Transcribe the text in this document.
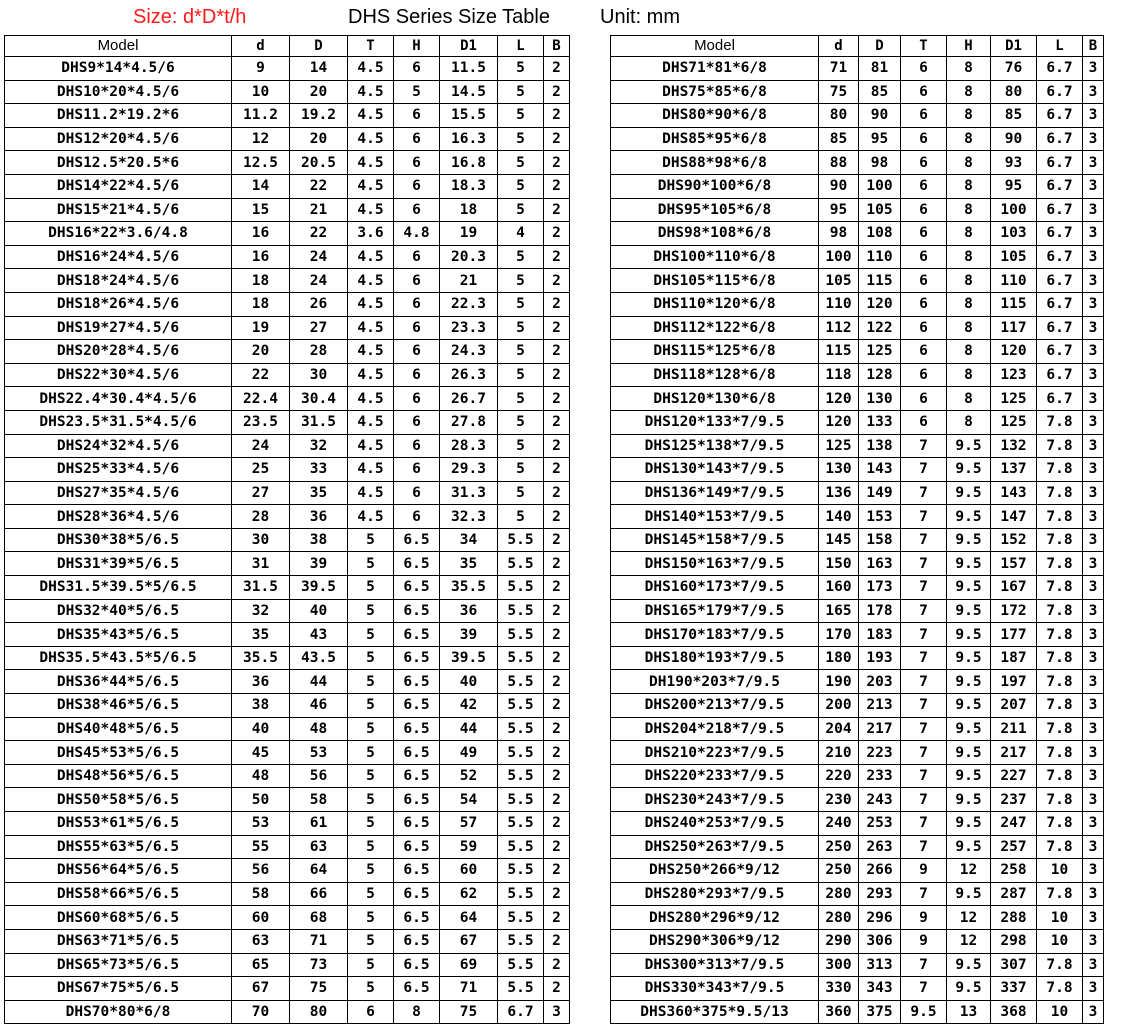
Size: d*D*t/h	DHS Series Size Table	Unit: mm
Model	d	D	T	H	D1	L	B
DHS9*14*4.5/6	9	14	4.5	6	11.5	5	2
DHS10*20*4.5/6	10	20	4.5	5	14.5	5	2
DHS11.2*19.2*6	11.2	19.2	4.5	6	15.5	5	2
DHS12*20*4.5/6	12	20	4.5	6	16.3	5	2
DHS12.5*20.5*6	12.5	20.5	4.5	6	16.8	5	2
DHS14*22*4.5/6	14	22	4.5	6	18.3	5	2
DHS15*21*4.5/6	15	21	4.5	6	18	5	2
DHS16*22*3.6/4.8	16	22	3.6	4.8	19	4	2
DHS16*24*4.5/6	16	24	4.5	6	20.3	5	2
DHS18*24*4.5/6	18	24	4.5	6	21	5	2
DHS18*26*4.5/6	18	26	4.5	6	22.3	5	2
DHS19*27*4.5/6	19	27	4.5	6	23.3	5	2
DHS20*28*4.5/6	20	28	4.5	6	24.3	5	2
DHS22*30*4.5/6	22	30	4.5	6	26.3	5	2
DHS22.4*30.4*4.5/6	22.4	30.4	4.5	6	26.7	5	2
DHS23.5*31.5*4.5/6	23.5	31.5	4.5	6	27.8	5	2
DHS24*32*4.5/6	24	32	4.5	6	28.3	5	2
DHS25*33*4.5/6	25	33	4.5	6	29.3	5	2
DHS27*35*4.5/6	27	35	4.5	6	31.3	5	2
DHS28*36*4.5/6	28	36	4.5	6	32.3	5	2
DHS30*38*5/6.5	30	38	5	6.5	34	5.5	2
DHS31*39*5/6.5	31	39	5	6.5	35	5.5	2
DHS31.5*39.5*5/6.5	31.5	39.5	5	6.5	35.5	5.5	2
DHS32*40*5/6.5	32	40	5	6.5	36	5.5	2
DHS35*43*5/6.5	35	43	5	6.5	39	5.5	2
DHS35.5*43.5*5/6.5	35.5	43.5	5	6.5	39.5	5.5	2
DHS36*44*5/6.5	36	44	5	6.5	40	5.5	2
DHS38*46*5/6.5	38	46	5	6.5	42	5.5	2
DHS40*48*5/6.5	40	48	5	6.5	44	5.5	2
DHS45*53*5/6.5	45	53	5	6.5	49	5.5	2
DHS48*56*5/6.5	48	56	5	6.5	52	5.5	2
DHS50*58*5/6.5	50	58	5	6.5	54	5.5	2
DHS53*61*5/6.5	53	61	5	6.5	57	5.5	2
DHS55*63*5/6.5	55	63	5	6.5	59	5.5	2
DHS56*64*5/6.5	56	64	5	6.5	60	5.5	2
DHS58*66*5/6.5	58	66	5	6.5	62	5.5	2
DHS60*68*5/6.5	60	68	5	6.5	64	5.5	2
DHS63*71*5/6.5	63	71	5	6.5	67	5.5	2
DHS65*73*5/6.5	65	73	5	6.5	69	5.5	2
DHS67*75*5/6.5	67	75	5	6.5	71	5.5	2
DHS70*80*6/8	70	80	6	8	75	6.7	3
Model	d	D	T	H	D1	L	B
DHS71*81*6/8	71	81	6	8	76	6.7	3
DHS75*85*6/8	75	85	6	8	80	6.7	3
DHS80*90*6/8	80	90	6	8	85	6.7	3
DHS85*95*6/8	85	95	6	8	90	6.7	3
DHS88*98*6/8	88	98	6	8	93	6.7	3
DHS90*100*6/8	90	100	6	8	95	6.7	3
DHS95*105*6/8	95	105	6	8	100	6.7	3
DHS98*108*6/8	98	108	6	8	103	6.7	3
DHS100*110*6/8	100	110	6	8	105	6.7	3
DHS105*115*6/8	105	115	6	8	110	6.7	3
DHS110*120*6/8	110	120	6	8	115	6.7	3
DHS112*122*6/8	112	122	6	8	117	6.7	3
DHS115*125*6/8	115	125	6	8	120	6.7	3
DHS118*128*6/8	118	128	6	8	123	6.7	3
DHS120*130*6/8	120	130	6	8	125	6.7	3
DHS120*133*7/9.5	120	133	6	8	125	7.8	3
DHS125*138*7/9.5	125	138	7	9.5	132	7.8	3
DHS130*143*7/9.5	130	143	7	9.5	137	7.8	3
DHS136*149*7/9.5	136	149	7	9.5	143	7.8	3
DHS140*153*7/9.5	140	153	7	9.5	147	7.8	3
DHS145*158*7/9.5	145	158	7	9.5	152	7.8	3
DHS150*163*7/9.5	150	163	7	9.5	157	7.8	3
DHS160*173*7/9.5	160	173	7	9.5	167	7.8	3
DHS165*179*7/9.5	165	178	7	9.5	172	7.8	3
DHS170*183*7/9.5	170	183	7	9.5	177	7.8	3
DHS180*193*7/9.5	180	193	7	9.5	187	7.8	3
DH190*203*7/9.5	190	203	7	9.5	197	7.8	3
DHS200*213*7/9.5	200	213	7	9.5	207	7.8	3
DHS204*218*7/9.5	204	217	7	9.5	211	7.8	3
DHS210*223*7/9.5	210	223	7	9.5	217	7.8	3
DHS220*233*7/9.5	220	233	7	9.5	227	7.8	3
DHS230*243*7/9.5	230	243	7	9.5	237	7.8	3
DHS240*253*7/9.5	240	253	7	9.5	247	7.8	3
DHS250*263*7/9.5	250	263	7	9.5	257	7.8	3
DHS250*266*9/12	250	266	9	12	258	10	3
DHS280*293*7/9.5	280	293	7	9.5	287	7.8	3
DHS280*296*9/12	280	296	9	12	288	10	3
DHS290*306*9/12	290	306	9	12	298	10	3
DHS300*313*7/9.5	300	313	7	9.5	307	7.8	3
DHS330*343*7/9.5	330	343	7	9.5	337	7.8	3
DHS360*375*9.5/13	360	375	9.5	13	368	10	3
